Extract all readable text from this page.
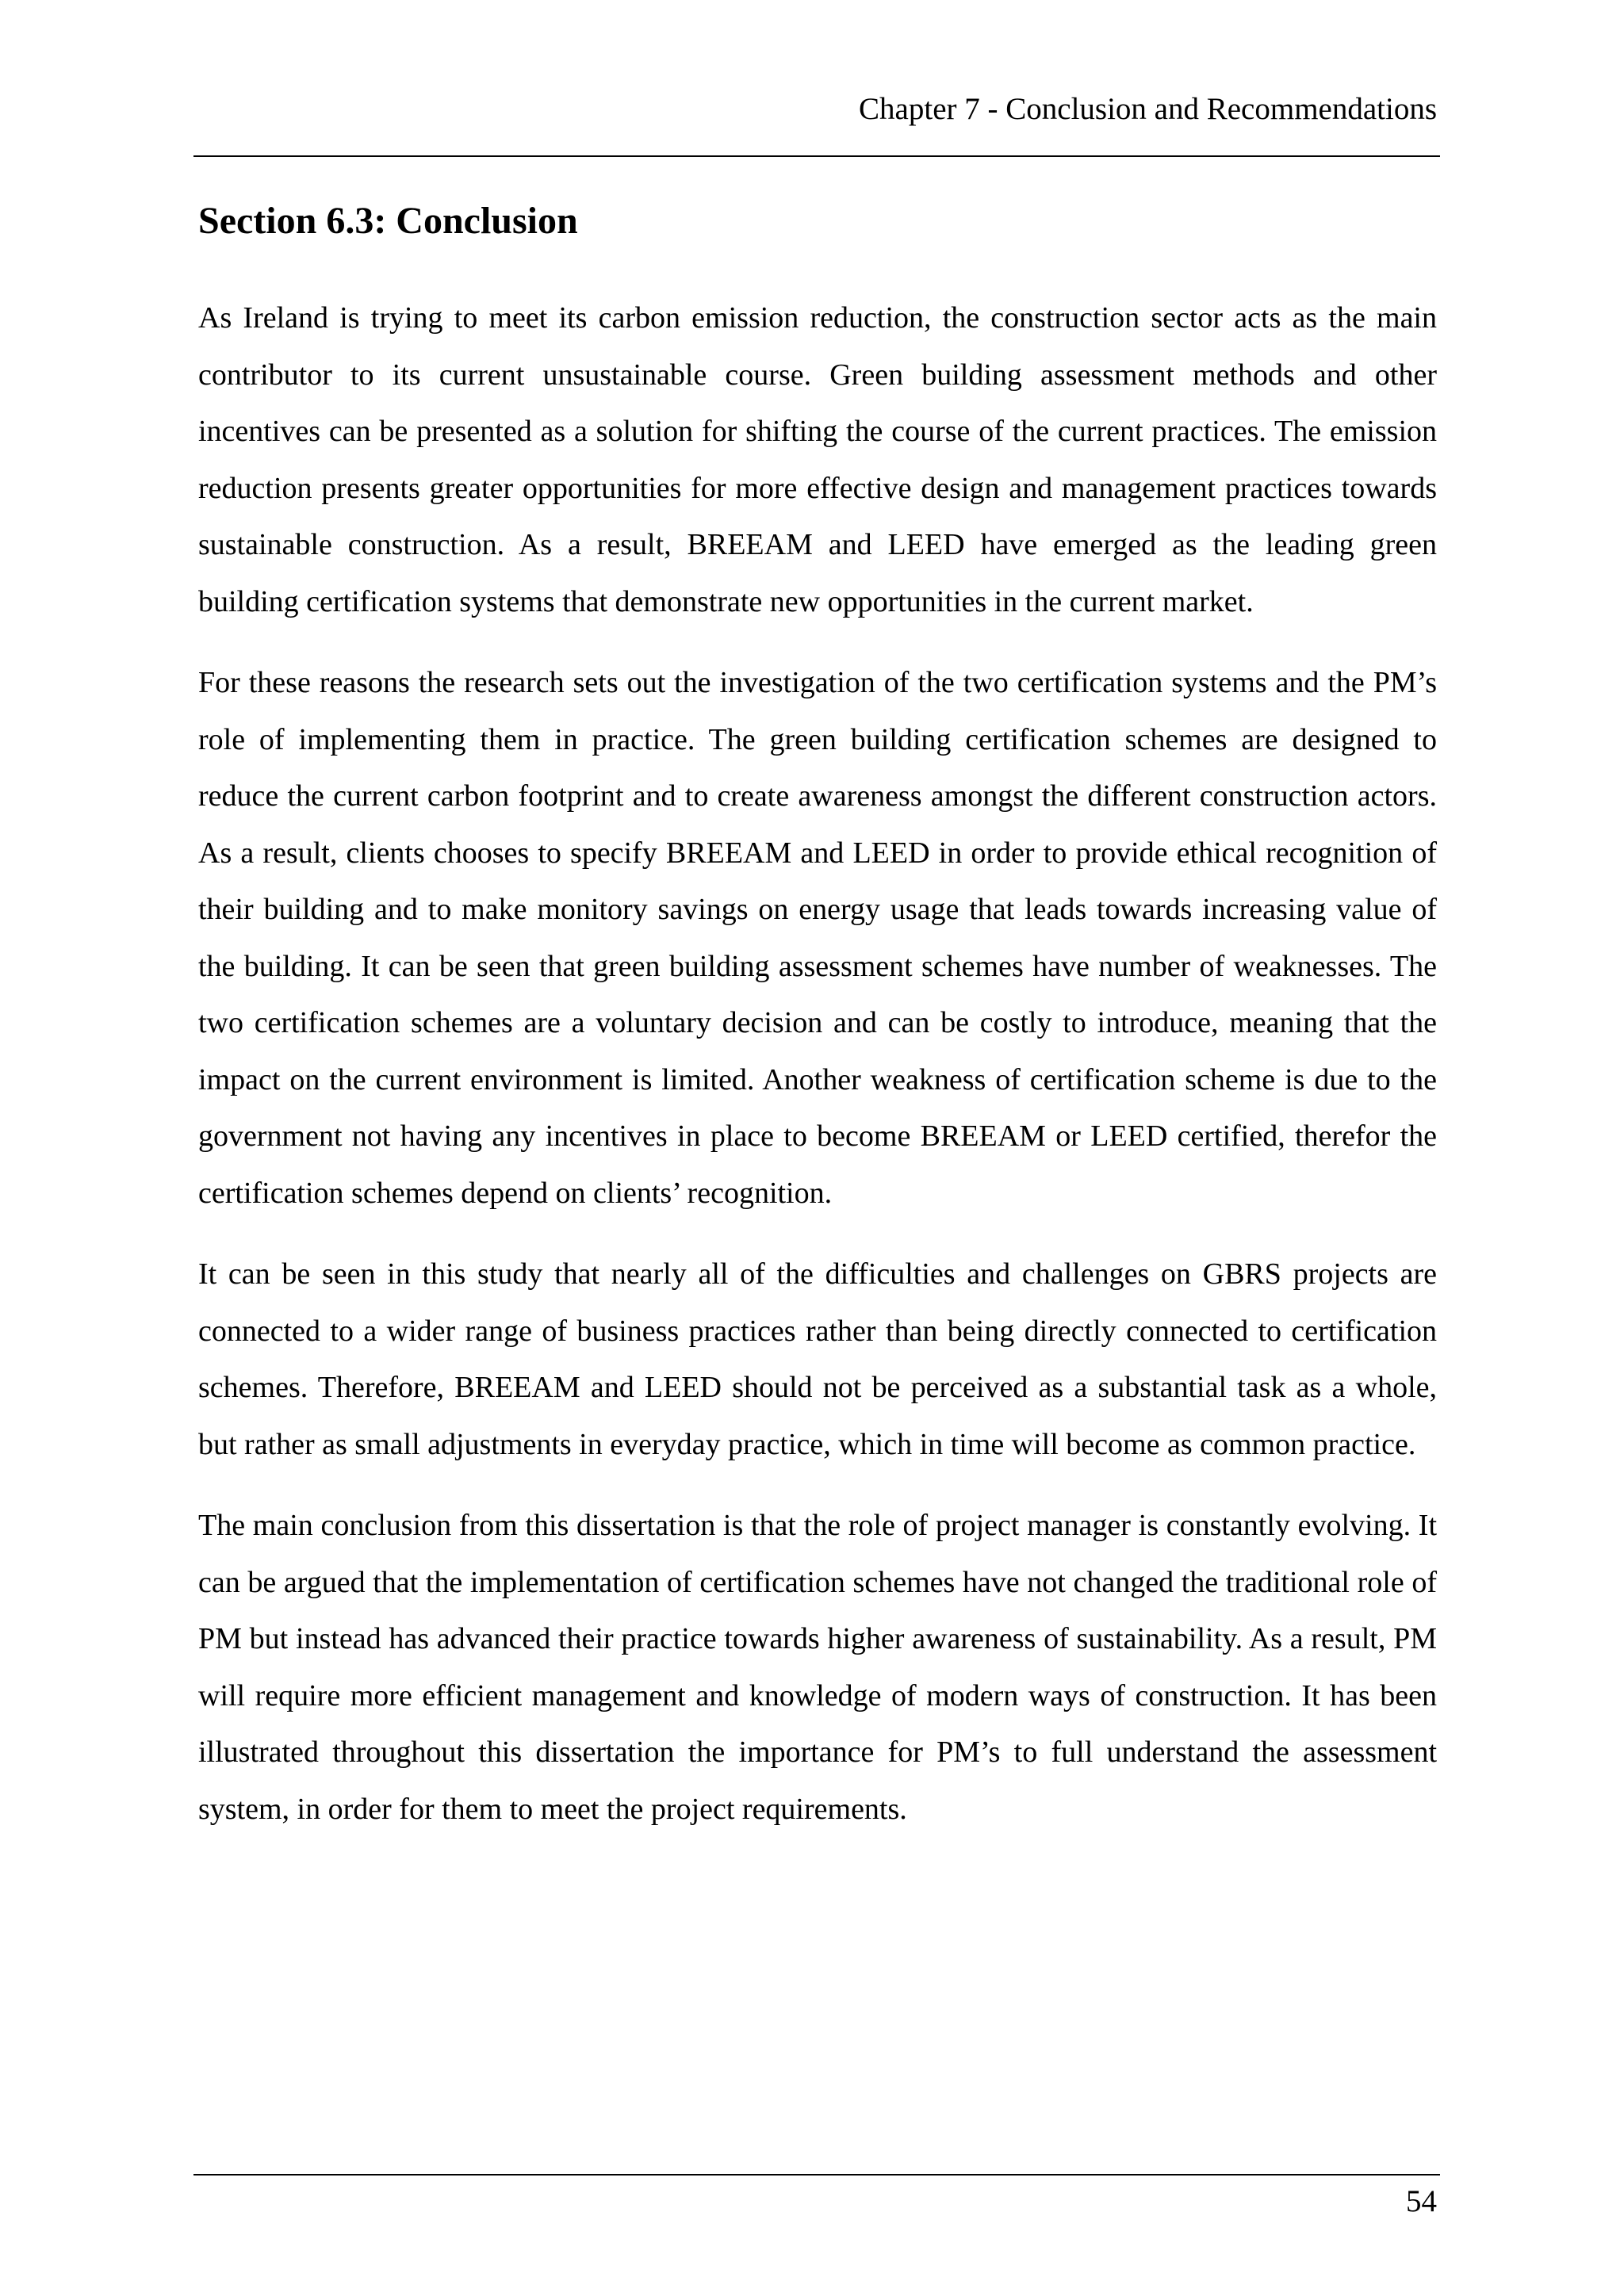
Chapter 7 - Conclusion and Recommendations
Section 6.3: Conclusion

As Ireland is trying to meet its carbon emission reduction, the construction sector acts as the main contributor to its current unsustainable course. Green building assessment methods and other incentives can be presented as a solution for shifting the course of the current practices. The emission reduction presents greater opportunities for more effective design and management practices towards sustainable construction. As a result, BREEAM and LEED have emerged as the leading green building certification systems that demonstrate new opportunities in the current market.

For these reasons the research sets out the investigation of the two certification systems and the PM’s role of implementing them in practice. The green building certification schemes are designed to reduce the current carbon footprint and to create awareness amongst the different construction actors. As a result, clients chooses to specify BREEAM and LEED in order to provide ethical recognition of their building and to make monitory savings on energy usage that leads towards increasing value of the building. It can be seen that green building assessment schemes have number of weaknesses. The two certification schemes are a voluntary decision and can be costly to introduce, meaning that the impact on the current environment is limited. Another weakness of certification scheme is due to the government not having any incentives in place to become BREEAM or LEED certified, therefor the certification schemes depend on clients’ recognition.

It can be seen in this study that nearly all of the difficulties and challenges on GBRS projects are connected to a wider range of business practices rather than being directly connected to certification schemes. Therefore, BREEAM and LEED should not be perceived as a substantial task as a whole, but rather as small adjustments in everyday practice, which in time will become as common practice.

The main conclusion from this dissertation is that the role of project manager is constantly evolving. It can be argued that the implementation of certification schemes have not changed the traditional role of PM but instead has advanced their practice towards higher awareness of sustainability. As a result, PM will require more efficient management and knowledge of modern ways of construction. It has been illustrated throughout this dissertation the importance for PM’s to full understand the assessment system, in order for them to meet the project requirements.

54
